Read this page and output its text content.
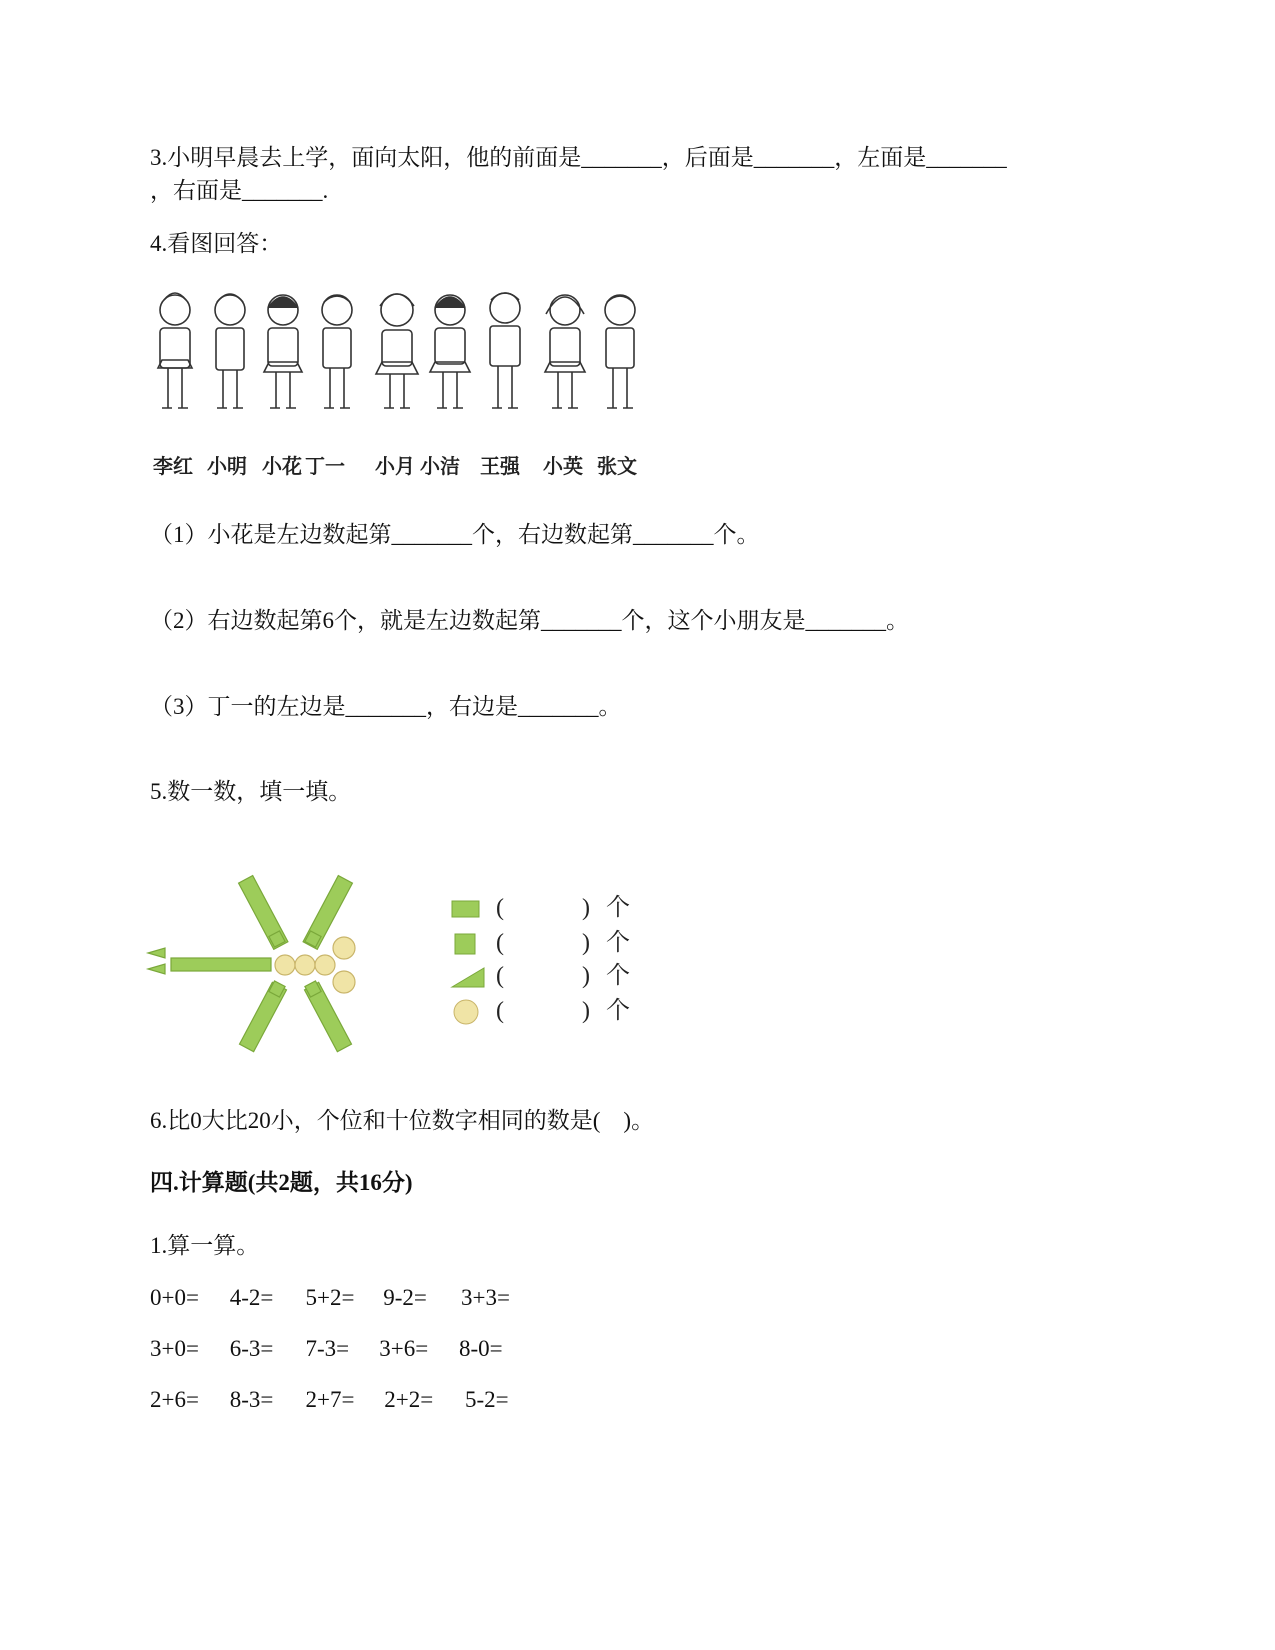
3.小明早晨去上学，面向太阳，他的前面是_______，后面是_______，左面是_______
，右面是_______.
4.看图回答：
李红 小明 小花 丁一 小月 小洁 王强 小英 张文
（1）小花是左边数起第_______个，右边数起第_______个。
（2）右边数起第6个，就是左边数起第_______个，这个小朋友是_______。
（3）丁一的左边是_______，右边是_______。
5.数一数，填一填。
(	) 个
(	) 个
(	) 个
(	) 个
6.比0大比20小，个位和十位数字相同的数是(　)。
四.计算题(共2题，共16分)
1.算一算。
0+0= 4-2= 5+2= 9-2= 3+3=
3+0= 6-3= 7-3= 3+6= 8-0=
2+6= 8-3= 2+7= 2+2= 5-2=
